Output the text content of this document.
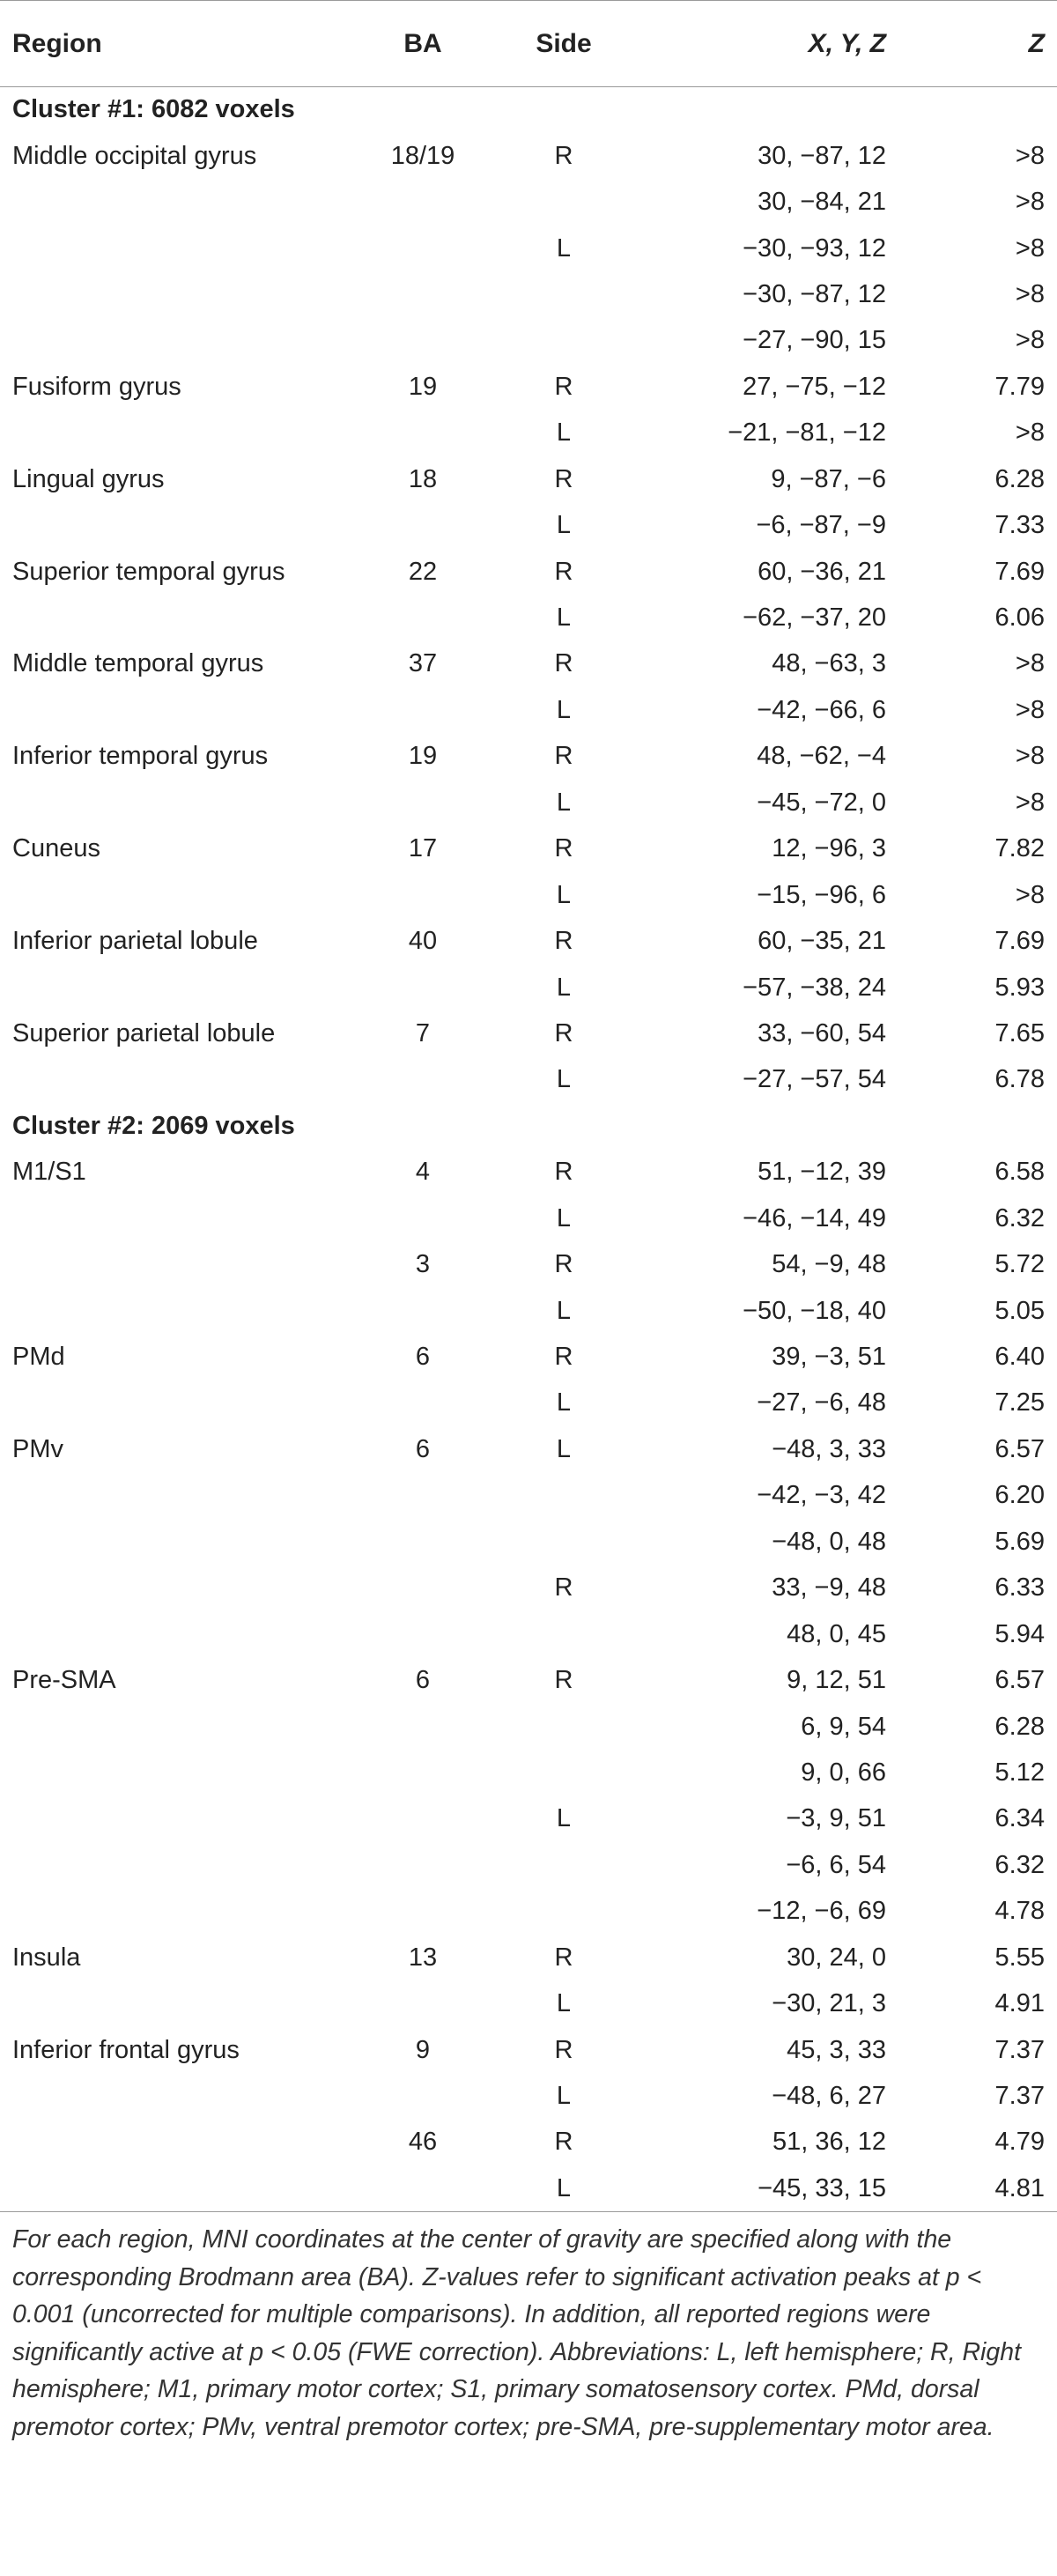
Region	BA	Side	X, Y, Z	Z
Cluster #1: 6082 voxels				
Middle occipital gyrus	18/19	R	30, −87, 12	>8
			30, −84, 21	>8
		L	−30, −93, 12	>8
			−30, −87, 12	>8
			−27, −90, 15	>8
Fusiform gyrus	19	R	27, −75, −12	7.79
		L	−21, −81, −12	>8
Lingual gyrus	18	R	9, −87, −6	6.28
		L	−6, −87, −9	7.33
Superior temporal gyrus	22	R	60, −36, 21	7.69
		L	−62, −37, 20	6.06
Middle temporal gyrus	37	R	48, −63, 3	>8
		L	−42, −66, 6	>8
Inferior temporal gyrus	19	R	48, −62, −4	>8
		L	−45, −72, 0	>8
Cuneus	17	R	12, −96, 3	7.82
		L	−15, −96, 6	>8
Inferior parietal lobule	40	R	60, −35, 21	7.69
		L	−57, −38, 24	5.93
Superior parietal lobule	7	R	33, −60, 54	7.65
		L	−27, −57, 54	6.78
Cluster #2: 2069 voxels				
M1/S1	4	R	51, −12, 39	6.58
		L	−46, −14, 49	6.32
	3	R	54, −9, 48	5.72
		L	−50, −18, 40	5.05
PMd	6	R	39, −3, 51	6.40
		L	−27, −6, 48	7.25
PMv	6	L	−48, 3, 33	6.57
			−42, −3, 42	6.20
			−48, 0, 48	5.69
		R	33, −9, 48	6.33
			48, 0, 45	5.94
Pre-SMA	6	R	9, 12, 51	6.57
			6, 9, 54	6.28
			9, 0, 66	5.12
		L	−3, 9, 51	6.34
			−6, 6, 54	6.32
			−12, −6, 69	4.78
Insula	13	R	30, 24, 0	5.55
		L	−30, 21, 3	4.91
Inferior frontal gyrus	9	R	45, 3, 33	7.37
		L	−48, 6, 27	7.37
	46	R	51, 36, 12	4.79
		L	−45, 33, 15	4.81
For each region, MNI coordinates at the center of gravity are specified along with the corresponding Brodmann area (BA). Z-values refer to significant activation peaks at p < 0.001 (uncorrected for multiple comparisons). In addition, all reported regions were significantly active at p < 0.05 (FWE correction). Abbreviations: L, left hemisphere; R, Right hemisphere; M1, primary motor cortex; S1, primary somatosensory cortex. PMd, dorsal premotor cortex; PMv, ventral premotor cortex; pre-SMA, pre-supplementary motor area.
